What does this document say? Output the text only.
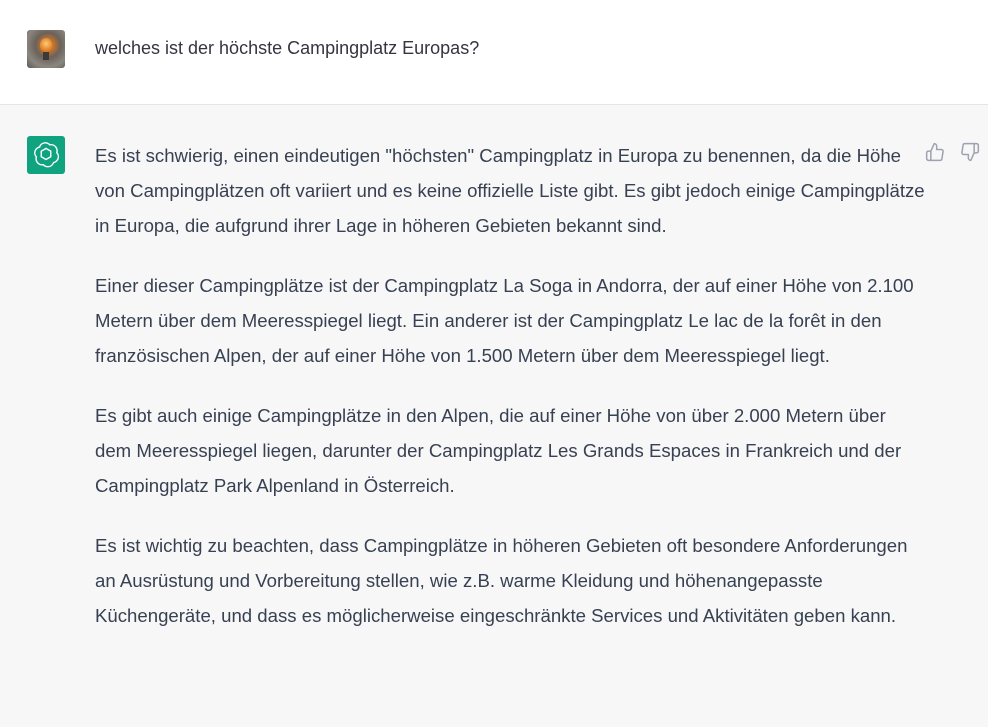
welches ist der höchste Campingplatz Europas?

Es ist schwierig, einen eindeutigen "höchsten" Campingplatz in Europa zu benennen, da die Höhe von Campingplätzen oft variiert und es keine offizielle Liste gibt. Es gibt jedoch einige Campingplätze in Europa, die aufgrund ihrer Lage in höheren Gebieten bekannt sind.

Einer dieser Campingplätze ist der Campingplatz La Soga in Andorra, der auf einer Höhe von 2.100 Metern über dem Meeresspiegel liegt. Ein anderer ist der Campingplatz Le lac de la forêt in den französischen Alpen, der auf einer Höhe von 1.500 Metern über dem Meeresspiegel liegt.

Es gibt auch einige Campingplätze in den Alpen, die auf einer Höhe von über 2.000 Metern über dem Meeresspiegel liegen, darunter der Campingplatz Les Grands Espaces in Frankreich und der Campingplatz Park Alpenland in Österreich.

Es ist wichtig zu beachten, dass Campingplätze in höheren Gebieten oft besondere Anforderungen an Ausrüstung und Vorbereitung stellen, wie z.B. warme Kleidung und höhenangepasste Küchengeräte, und dass es möglicherweise eingeschränkte Services und Aktivitäten geben kann.
